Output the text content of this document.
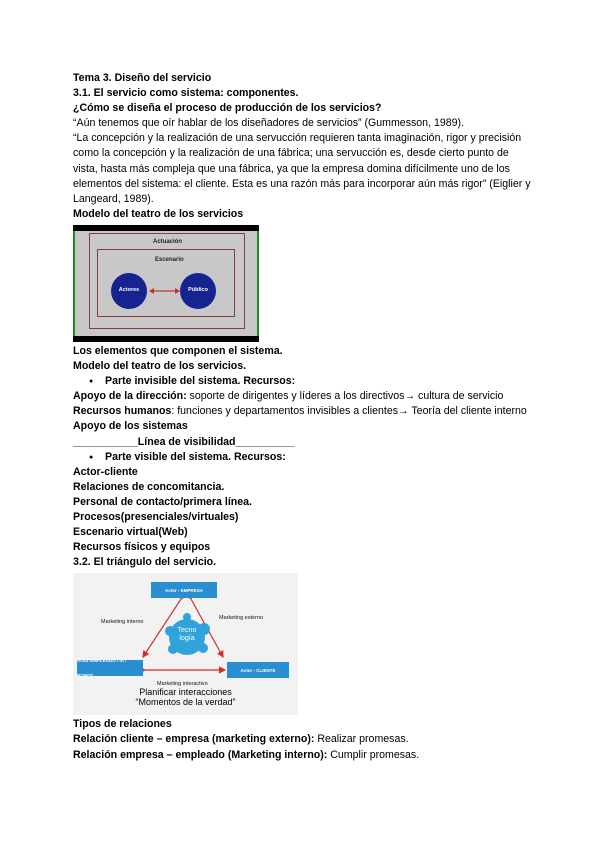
Tema 3. Diseño del servicio

3.1. El servicio como sistema: componentes.

¿Cómo se diseña el proceso de producción de los servicios?

“Aún tenemos que oír hablar de los diseñadores de servicios” (Gummesson, 1989).

“La concepción y la realización de una servucción requieren tanta imaginación, rigor y precisión como la concepción y la realización de una fábrica; una servucción es, desde cierto punto de vista, hasta más compleja que una fábrica, ya que la empresa domina difícilmente uno de los elementos del sistema: el cliente. Esta es una razón más para incorporar aún más rigor” (Eiglier y Langeard, 1989).

Modelo del teatro de los servicios

Actuación
Escenario
Actores	Público

Los elementos que componen el sistema.

Modelo del teatro de los servicios.

● Parte invisible del sistema. Recursos:

Apoyo de la dirección: soporte de dirigentes y líderes a los directivos→ cultura de servicio

Recursos humanos: funciones y departamentos invisibles a clientes→ Teoría del cliente interno

Apoyo de los sistemas

___________Línea de visibilidad__________

● Parte visible del sistema. Recursos:

Actor-cliente

Relaciones de concomitancia.

Personal de contacto/primera línea.

Procesos(presenciales/virtuales)

Escenario virtual(Web)

Recursos físicos y equipos

3.2. El triángulo del servicio.

Actor - EMPRESA
Actor-EMPLEADO / IA / ROBOT
Actor - CLIENTE
Tecno logía
Marketing interno
Marketing externo
Marketing interactivo
Planificar interacciones
“Momentos de la verdad”

Tipos de relaciones

Relación cliente – empresa (marketing externo): Realizar promesas.

Relación empresa – empleado (Marketing interno): Cumplir promesas.
